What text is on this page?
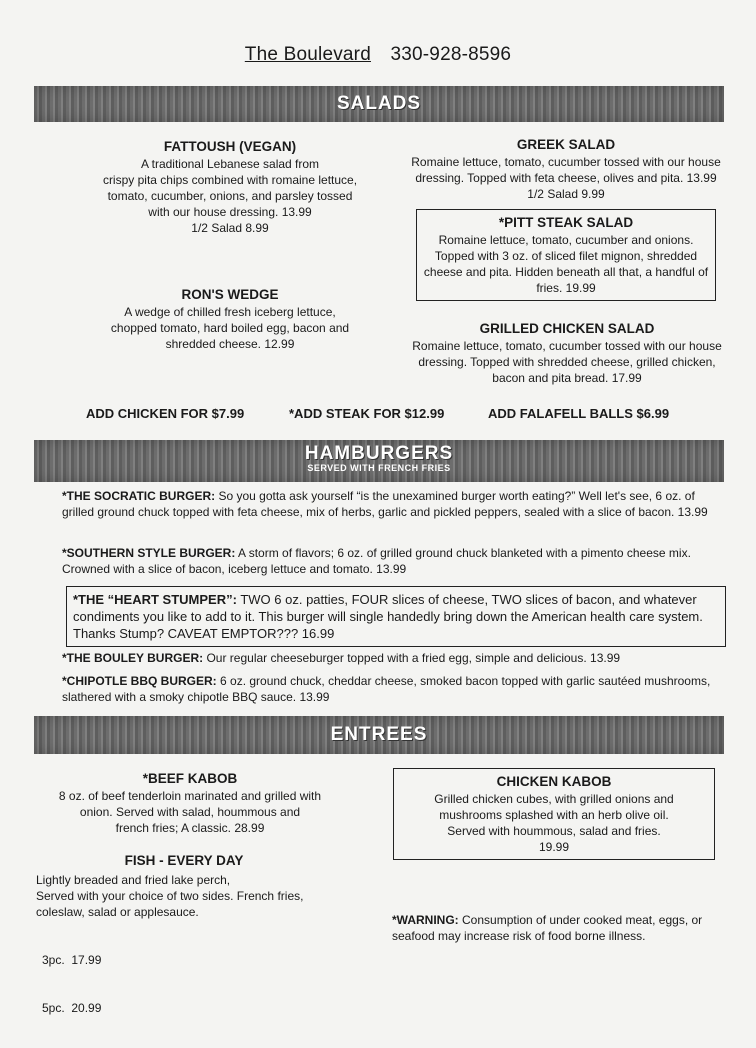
The Boulevard 330-928-8596
SALADS
FATTOUSH (VEGAN)
A traditional Lebanese salad from
crispy pita chips combined with romaine lettuce,
tomato, cucumber, onions, and parsley tossed
with our house dressing. 13.99
1/2 Salad 8.99
GREEK SALAD
Romaine lettuce, tomato, cucumber tossed with our house
dressing. Topped with feta cheese, olives and pita. 13.99
1/2 Salad 9.99
*PITT STEAK SALAD
Romaine lettuce, tomato, cucumber and onions.
Topped with 3 oz. of sliced filet mignon, shredded
cheese and pita. Hidden beneath all that, a handful of
fries. 19.99
RON'S WEDGE
A wedge of chilled fresh iceberg lettuce,
chopped tomato, hard boiled egg, bacon and
shredded cheese. 12.99
GRILLED CHICKEN SALAD
Romaine lettuce, tomato, cucumber tossed with our house
dressing. Topped with shredded cheese, grilled chicken,
bacon and pita bread. 17.99
ADD CHICKEN FOR $7.99	*ADD STEAK FOR $12.99	ADD FALAFELL BALLS $6.99
HAMBURGERS
SERVED WITH FRENCH FRIES
*THE SOCRATIC BURGER: So you gotta ask yourself “is the unexamined burger worth eating?” Well let's see, 6 oz. of grilled ground chuck topped with feta cheese, mix of herbs, garlic and pickled peppers, sealed with a slice of bacon. 13.99
*SOUTHERN STYLE BURGER: A storm of flavors; 6 oz. of grilled ground chuck blanketed with a pimento cheese mix. Crowned with a slice of bacon, iceberg lettuce and tomato. 13.99
*THE “HEART STUMPER”: TWO 6 oz. patties, FOUR slices of cheese, TWO slices of bacon, and whatever condiments you like to add to it. This burger will single handedly bring down the American health care system. Thanks Stump? CAVEAT EMPTOR??? 16.99
*THE BOULEY BURGER: Our regular cheeseburger topped with a fried egg, simple and delicious. 13.99
*CHIPOTLE BBQ BURGER: 6 oz. ground chuck, cheddar cheese, smoked bacon topped with garlic sautéed mushrooms, slathered with a smoky chipotle BBQ sauce. 13.99
ENTREES
*BEEF KABOB
8 oz. of beef tenderloin marinated and grilled with
onion. Served with salad, hoummous and
french fries; A classic. 28.99
CHICKEN KABOB
Grilled chicken cubes, with grilled onions and
mushrooms splashed with an herb olive oil.
Served with hoummous, salad and fries.
19.99
FISH - EVERY DAY
Lightly breaded and fried lake perch,
Served with your choice of two sides. French fries,
coleslaw, salad or applesauce.

3pc.  17.99

5pc.  20.99

*WARNING: Consumption of under cooked meat, eggs, or seafood may increase risk of food borne illness.
